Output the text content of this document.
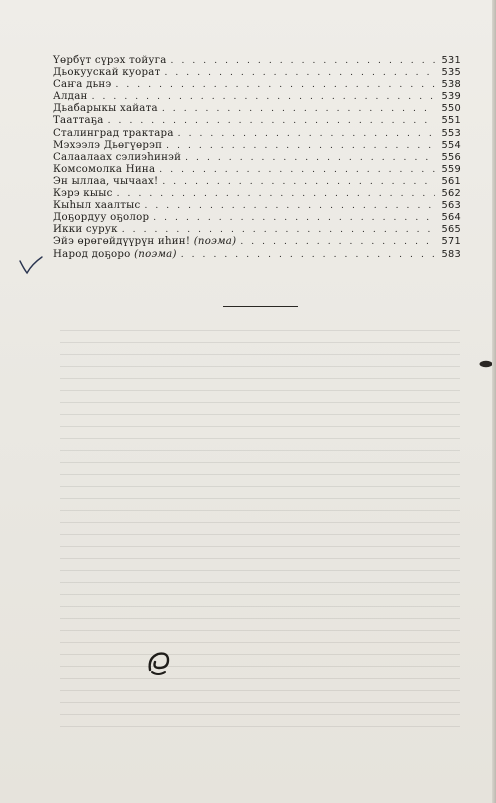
Үөрбүт сүрэх тойуга . . .	531
Дьокуускай куорат . . .	535
Саҥа дьнэ . . .	538
Алдан . . .	539
Дьабарыкы хайата . . .	550
Тааттаҕа . . .	551
Сталинград трактара . . .	553
Мэхээлэ Дьөгүөрэп . . .	554
Салаалаах сэлиэһинэй . . .	556
Комсомолка Нина . . .	559
Эн ыллаа, чычаах! . . .	561
Кэрэ кыыс . . .	562
Кыһыл хаалтыс . . .	563
Доҕордуу оҕолор . . .	564
Икки сурук . . .	565
Эйэ өрөгөйдүүрүн иһин! (поэма) . . .	571
Народ доҕоро (поэма) . . .	583
